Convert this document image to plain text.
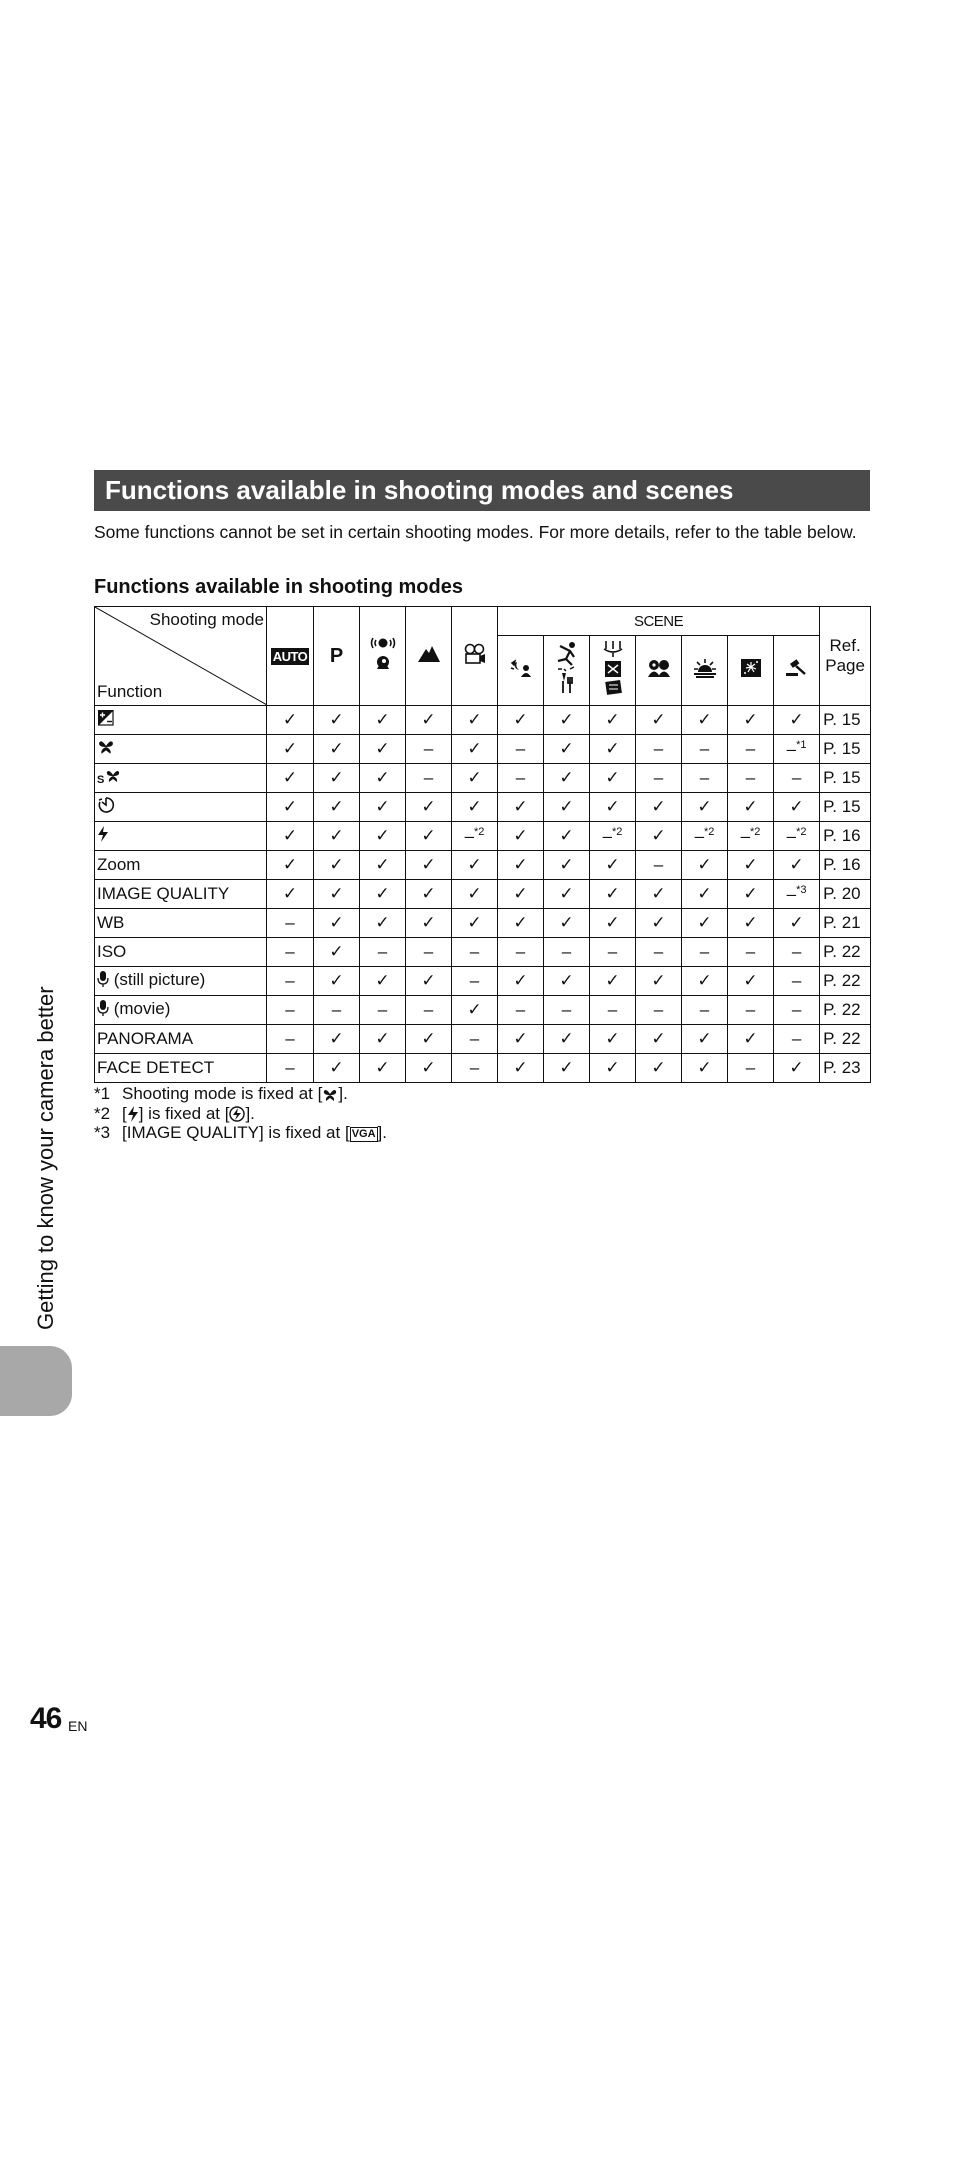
Functions available in shooting modes and scenes
Some functions cannot be set in certain shooting modes. For more details, refer to the table below.
Functions available in shooting modes
Shooting mode
Function	AUTO	P				SCENE							Ref. Page

	✓	✓	✓	✓	✓	✓	✓	✓	✓	✓	✓	✓	P. 15
	✓	✓	✓	–	✓	–	✓	✓	–	–	–	–$^{*1}$	P. 15

S	✓	✓	✓	–	✓	–	✓	✓	–	–	–	–	P. 15
	✓	✓	✓	✓	✓	✓	✓	✓	✓	✓	✓	✓	P. 15
	✓	✓	✓	✓	–$^{*2}$	✓	✓	–$^{*2}$	✓	–$^{*2}$	–$^{*2}$	–$^{*2}$	P. 16
Zoom	✓	✓	✓	✓	✓	✓	✓	✓	–	✓	✓	✓	P. 16
IMAGE QUALITY	✓	✓	✓	✓	✓	✓	✓	✓	✓	✓	✓	–$^{*3}$	P. 20
WB	–	✓	✓	✓	✓	✓	✓	✓	✓	✓	✓	✓	P. 21
ISO	–	✓	–	–	–	–	–	–	–	–	–	–	P. 22
(still picture)	–	✓	✓	✓	–	✓	✓	✓	✓	✓	✓	–	P. 22
(movie)	–	–	–	–	✓	–	–	–	–	–	–	–	P. 22
PANORAMA	–	✓	✓	✓	–	✓	✓	✓	✓	✓	✓	–	P. 22
FACE DETECT	–	✓	✓	✓	–	✓	✓	✓	✓	✓	–	✓	P. 23
*1 Shooting mode is fixed at [ ].
*2 [ ] is fixed at [ ].
*3 [IMAGE QUALITY] is fixed at [ VGA ].
Getting to know your camera better
46 EN
